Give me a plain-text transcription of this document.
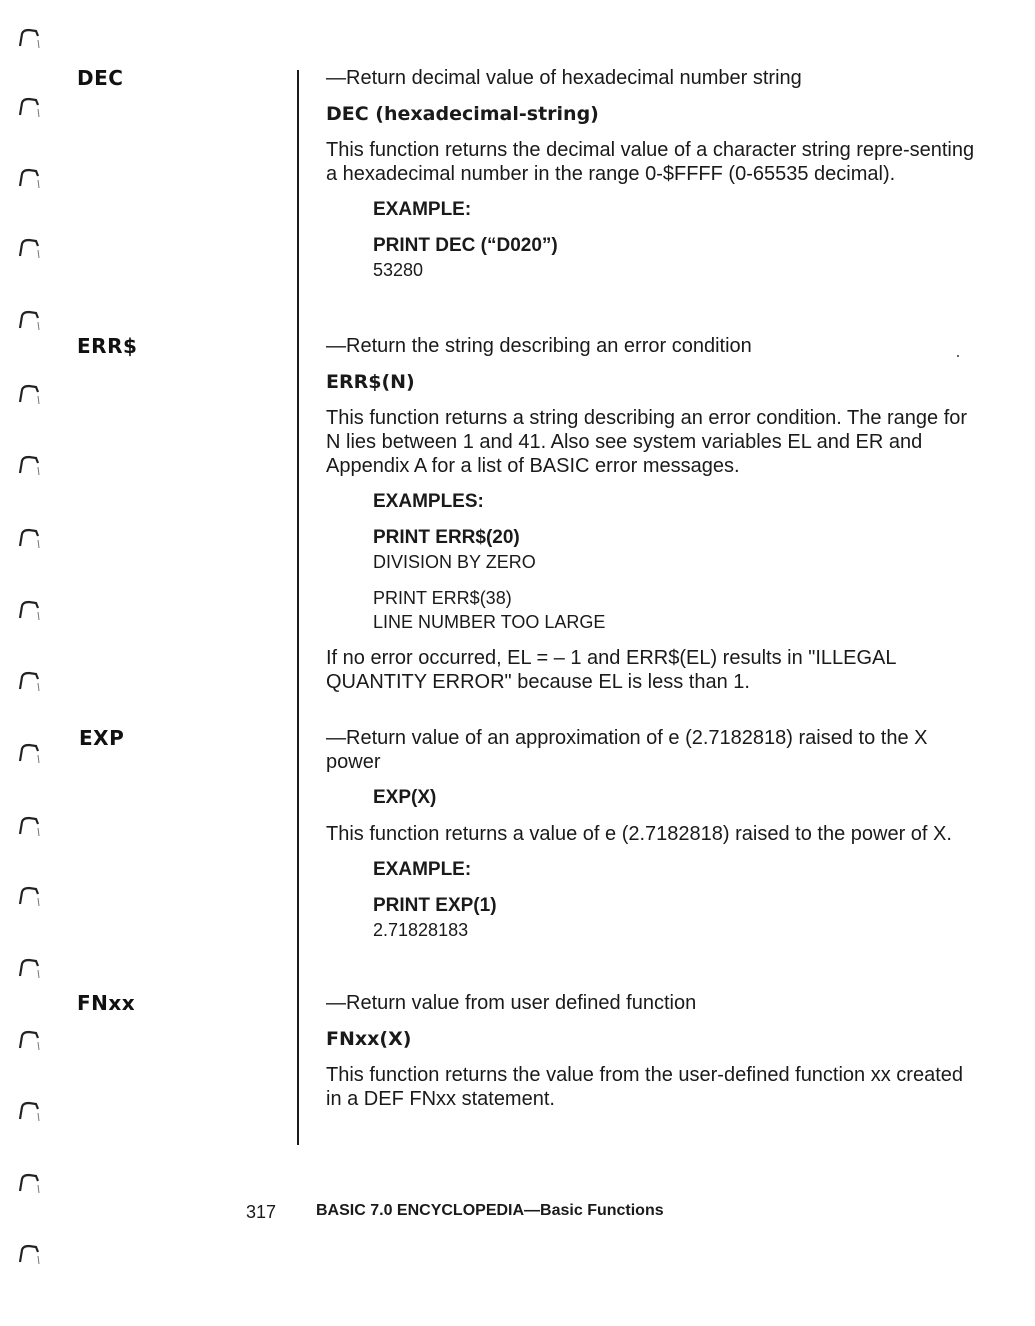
DEC	—Return decimal value of hexadecimal number string

DEC (hexadecimal-string)

This function returns the decimal value of a character string repre-senting a hexadecimal number in the range 0-$FFFF (0-65535 decimal).

EXAMPLE:

PRINT DEC (“D020”)

53280

ERR$	—Return the string describing an error condition

ERR$(N)

This function returns a string describing an error condition. The range for N lies between 1 and 41. Also see system variables EL and ER and Appendix A for a list of BASIC error messages.

EXAMPLES:

PRINT ERR$(20)

DIVISION BY ZERO

PRINT ERR$(38)

LINE NUMBER TOO LARGE

If no error occurred, EL = – 1 and ERR$(EL) results in "ILLEGAL QUANTITY ERROR" because EL is less than 1.

EXP	—Return value of an approximation of e (2.7182818) raised to the X power

EXP(X)

This function returns a value of e (2.7182818) raised to the power of X.

EXAMPLE:

PRINT EXP(1)

2.71828183

FNxx	—Return value from user defined function

FNxx(X)

This function returns the value from the user-defined function xx created in a DEF FNxx statement.

317 BASIC 7.0 ENCYCLOPEDIA—Basic Functions
